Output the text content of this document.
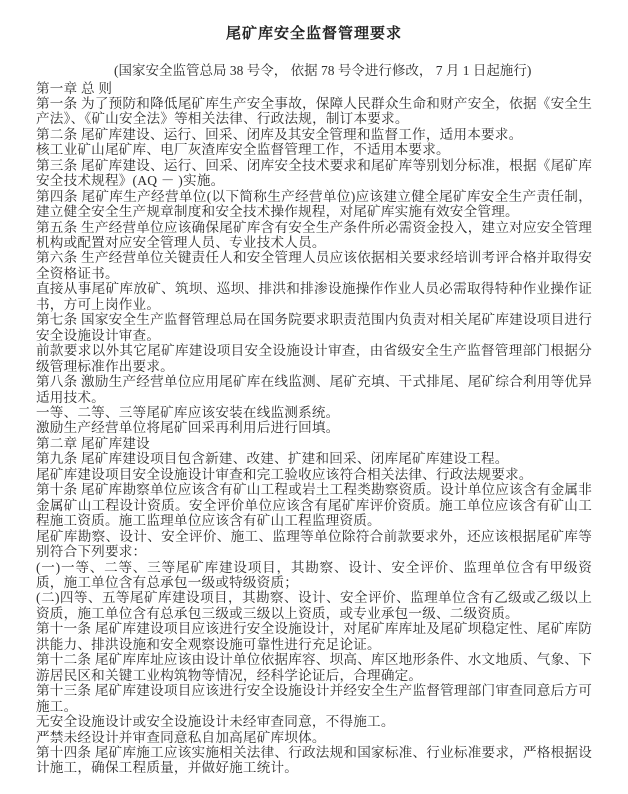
尾矿库安全监督管理要求
(国家安全监管总局 38 号令， 依据 78 号令进行修改， 7 月 1 日起施行)

第一章 总 则

第一条 为了预防和降低尾矿库生产安全事故，保障人民群众生命和财产安全，依据《安全生产法》、《矿山安全法》等相关法律、行政法规，制订本要求。

第二条 尾矿库建设、运行、回采、闭库及其安全管理和监督工作，适用本要求。

核工业矿山尾矿库、电厂灰渣库安全监督管理工作，不适用本要求。

第三条 尾矿库建设、运行、回采、闭库安全技术要求和尾矿库等别划分标准，根据《尾矿库安全技术规程》(AQ － )实施。

第四条 尾矿库生产经营单位(以下简称生产经营单位)应该建立健全尾矿库安全生产责任制，建立健全安全生产规章制度和安全技术操作规程，对尾矿库实施有效安全管理。

第五条 生产经营单位应该确保尾矿库含有安全生产条件所必需资金投入，建立对应安全管理机构或配置对应安全管理人员、专业技术人员。

第六条 生产经营单位关键责任人和安全管理人员应该依据相关要求经培训考评合格并取得安全资格证书。

直接从事尾矿库放矿、筑坝、巡坝、排洪和排渗设施操作作业人员必需取得特种作业操作证书，方可上岗作业。

第七条 国家安全生产监督管理总局在国务院要求职责范围内负责对相关尾矿库建设项目进行安全设施设计审查。

前款要求以外其它尾矿库建设项目安全设施设计审查，由省级安全生产监督管理部门根据分级管理标准作出要求。

第八条 激励生产经营单位应用尾矿库在线监测、尾矿充填、干式排尾、尾矿综合利用等优异适用技术。

一等、二等、三等尾矿库应该安装在线监测系统。

激励生产经营单位将尾矿回采再利用后进行回填。

第二章 尾矿库建设

第九条 尾矿库建设项目包含新建、改建、扩建和回采、闭库尾矿库建设工程。

尾矿库建设项目安全设施设计审查和完工验收应该符合相关法律、行政法规要求。

第十条 尾矿库勘察单位应该含有矿山工程或岩土工程类勘察资质。设计单位应该含有金属非金属矿山工程设计资质。安全评价单位应该含有尾矿库评价资质。施工单位应该含有矿山工程施工资质。施工监理单位应该含有矿山工程监理资质。

尾矿库勘察、设计、安全评价、施工、监理等单位除符合前款要求外，还应该根据尾矿库等别符合下列要求：

(一)一等、二等、三等尾矿库建设项目，其勘察、设计、安全评价、监理单位含有甲级资质，施工单位含有总承包一级或特级资质；

(二)四等、五等尾矿库建设项目，其勘察、设计、安全评价、监理单位含有乙级或乙级以上资质，施工单位含有总承包三级或三级以上资质，或专业承包一级、二级资质。

第十一条 尾矿库建设项目应该进行安全设施设计，对尾矿库库址及尾矿坝稳定性、尾矿库防洪能力、排洪设施和安全观察设施可靠性进行充足论证。

第十二条 尾矿库库址应该由设计单位依据库容、坝高、库区地形条件、水文地质、气象、下游居民区和关键工业构筑物等情况，经科学论证后，合理确定。

第十三条 尾矿库建设项目应该进行安全设施设计并经安全生产监督管理部门审查同意后方可施工。

无安全设施设计或安全设施设计未经审查同意，不得施工。

严禁未经设计并审查同意私自加高尾矿库坝体。

第十四条 尾矿库施工应该实施相关法律、行政法规和国家标准、行业标准要求，严格根据设计施工，确保工程质量，并做好施工统计。
